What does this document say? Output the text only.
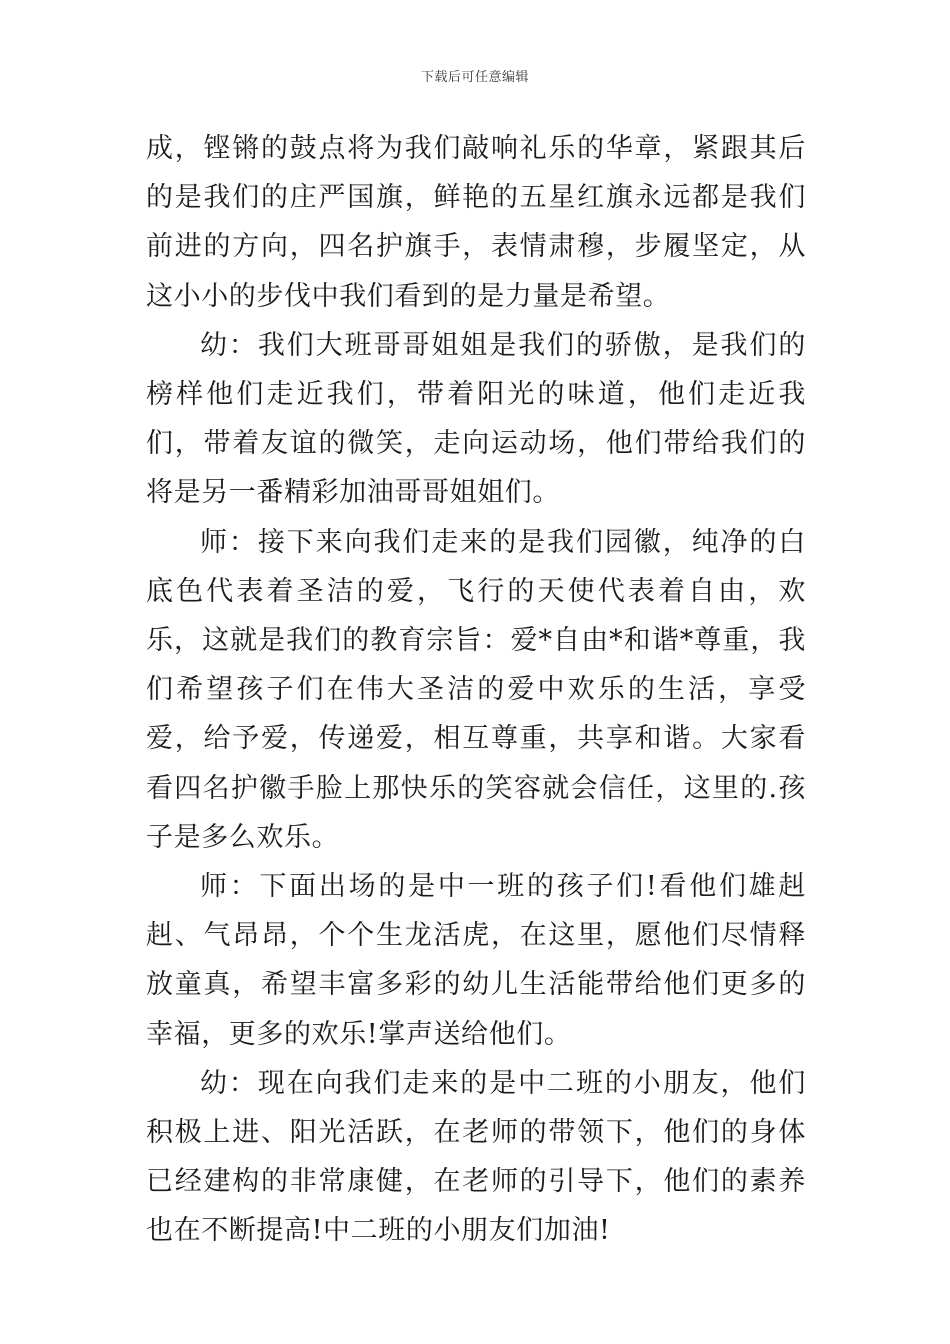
下载后可任意编辑

成，铿锵的鼓点将为我们敲响礼乐的华章，紧跟其后的是我们的庄严国旗，鲜艳的五星红旗永远都是我们前进的方向，四名护旗手，表情肃穆，步履坚定，从这小小的步伐中我们看到的是力量是希望。

幼：我们大班哥哥姐姐是我们的骄傲，是我们的榜样他们走近我们，带着阳光的味道，他们走近我们，带着友谊的微笑，走向运动场，他们带给我们的将是另一番精彩加油哥哥姐姐们。

师：接下来向我们走来的是我们园徽，纯净的白底色代表着圣洁的爱，飞行的天使代表着自由，欢乐，这就是我们的教育宗旨：爱*自由*和谐*尊重，我们希望孩子们在伟大圣洁的爱中欢乐的生活，享受爱，给予爱，传递爱，相互尊重，共享和谐。大家看看四名护徽手脸上那快乐的笑容就会信任，这里的.孩子是多么欢乐。

师：下面出场的是中一班的孩子们!看他们雄赳赳、气昂昂，个个生龙活虎，在这里，愿他们尽情释放童真，希望丰富多彩的幼儿生活能带给他们更多的幸福，更多的欢乐!掌声送给他们。

幼：现在向我们走来的是中二班的小朋友，他们积极上进、阳光活跃，在老师的带领下，他们的身体已经建构的非常康健，在老师的引导下，他们的素养也在不断提高!中二班的小朋友们加油!
